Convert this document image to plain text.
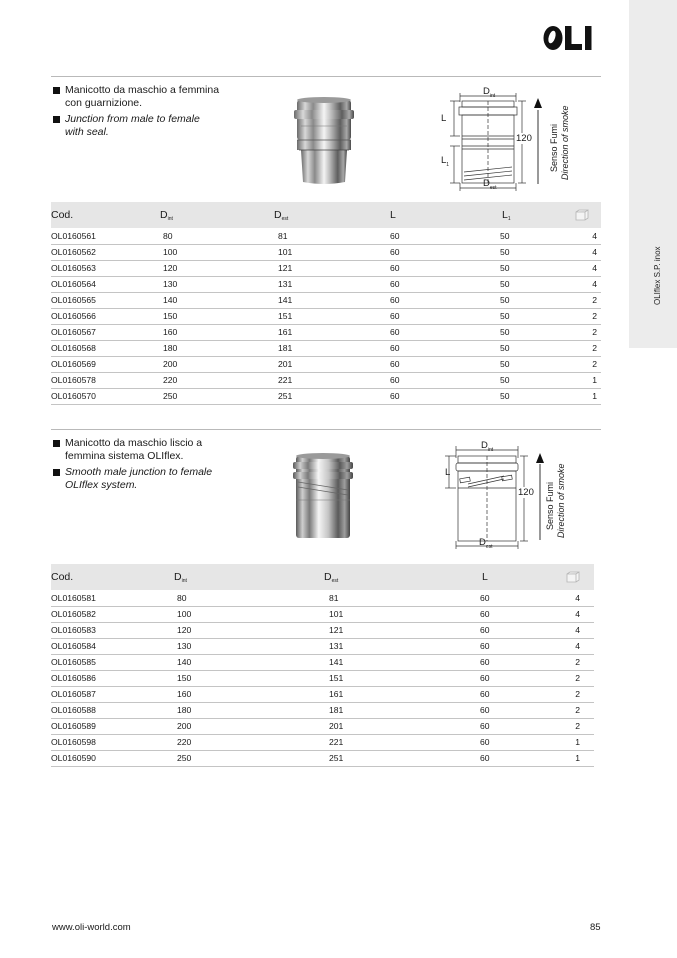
OLIflex S.P. inox
Manicotto da maschio a femmina
con guarnizione.
Junction from male to female
with seal.
$D_{int}$
$D_{est}$
L
$L_1$
120 Senso Fumi Direction of smoke
Cod.	$D_{int}$	$D_{est}$	L	$L_1$	
OL0160561	80	81	60	50	4
OL0160562	100	101	60	50	4
OL0160563	120	121	60	50	4
OL0160564	130	131	60	50	4
OL0160565	140	141	60	50	2
OL0160566	150	151	60	50	2
OL0160567	160	161	60	50	2
OL0160568	180	181	60	50	2
OL0160569	200	201	60	50	2
OL0160578	220	221	60	50	1
OL0160570	250	251	60	50	1
Manicotto da maschio liscio a
femmina sistema OLIflex.
Smooth male junction to female
OLIflex system.
$D_{int}$
$D_{est}$
L
120 Senso Fumi Direction of smoke
Cod.	$D_{int}$	$D_{est}$	L	
OL0160581	80	81	60	4
OL0160582	100	101	60	4
OL0160583	120	121	60	4
OL0160584	130	131	60	4
OL0160585	140	141	60	2
OL0160586	150	151	60	2
OL0160587	160	161	60	2
OL0160588	180	181	60	2
OL0160589	200	201	60	2
OL0160598	220	221	60	1
OL0160590	250	251	60	1
www.oli-world.com	85
